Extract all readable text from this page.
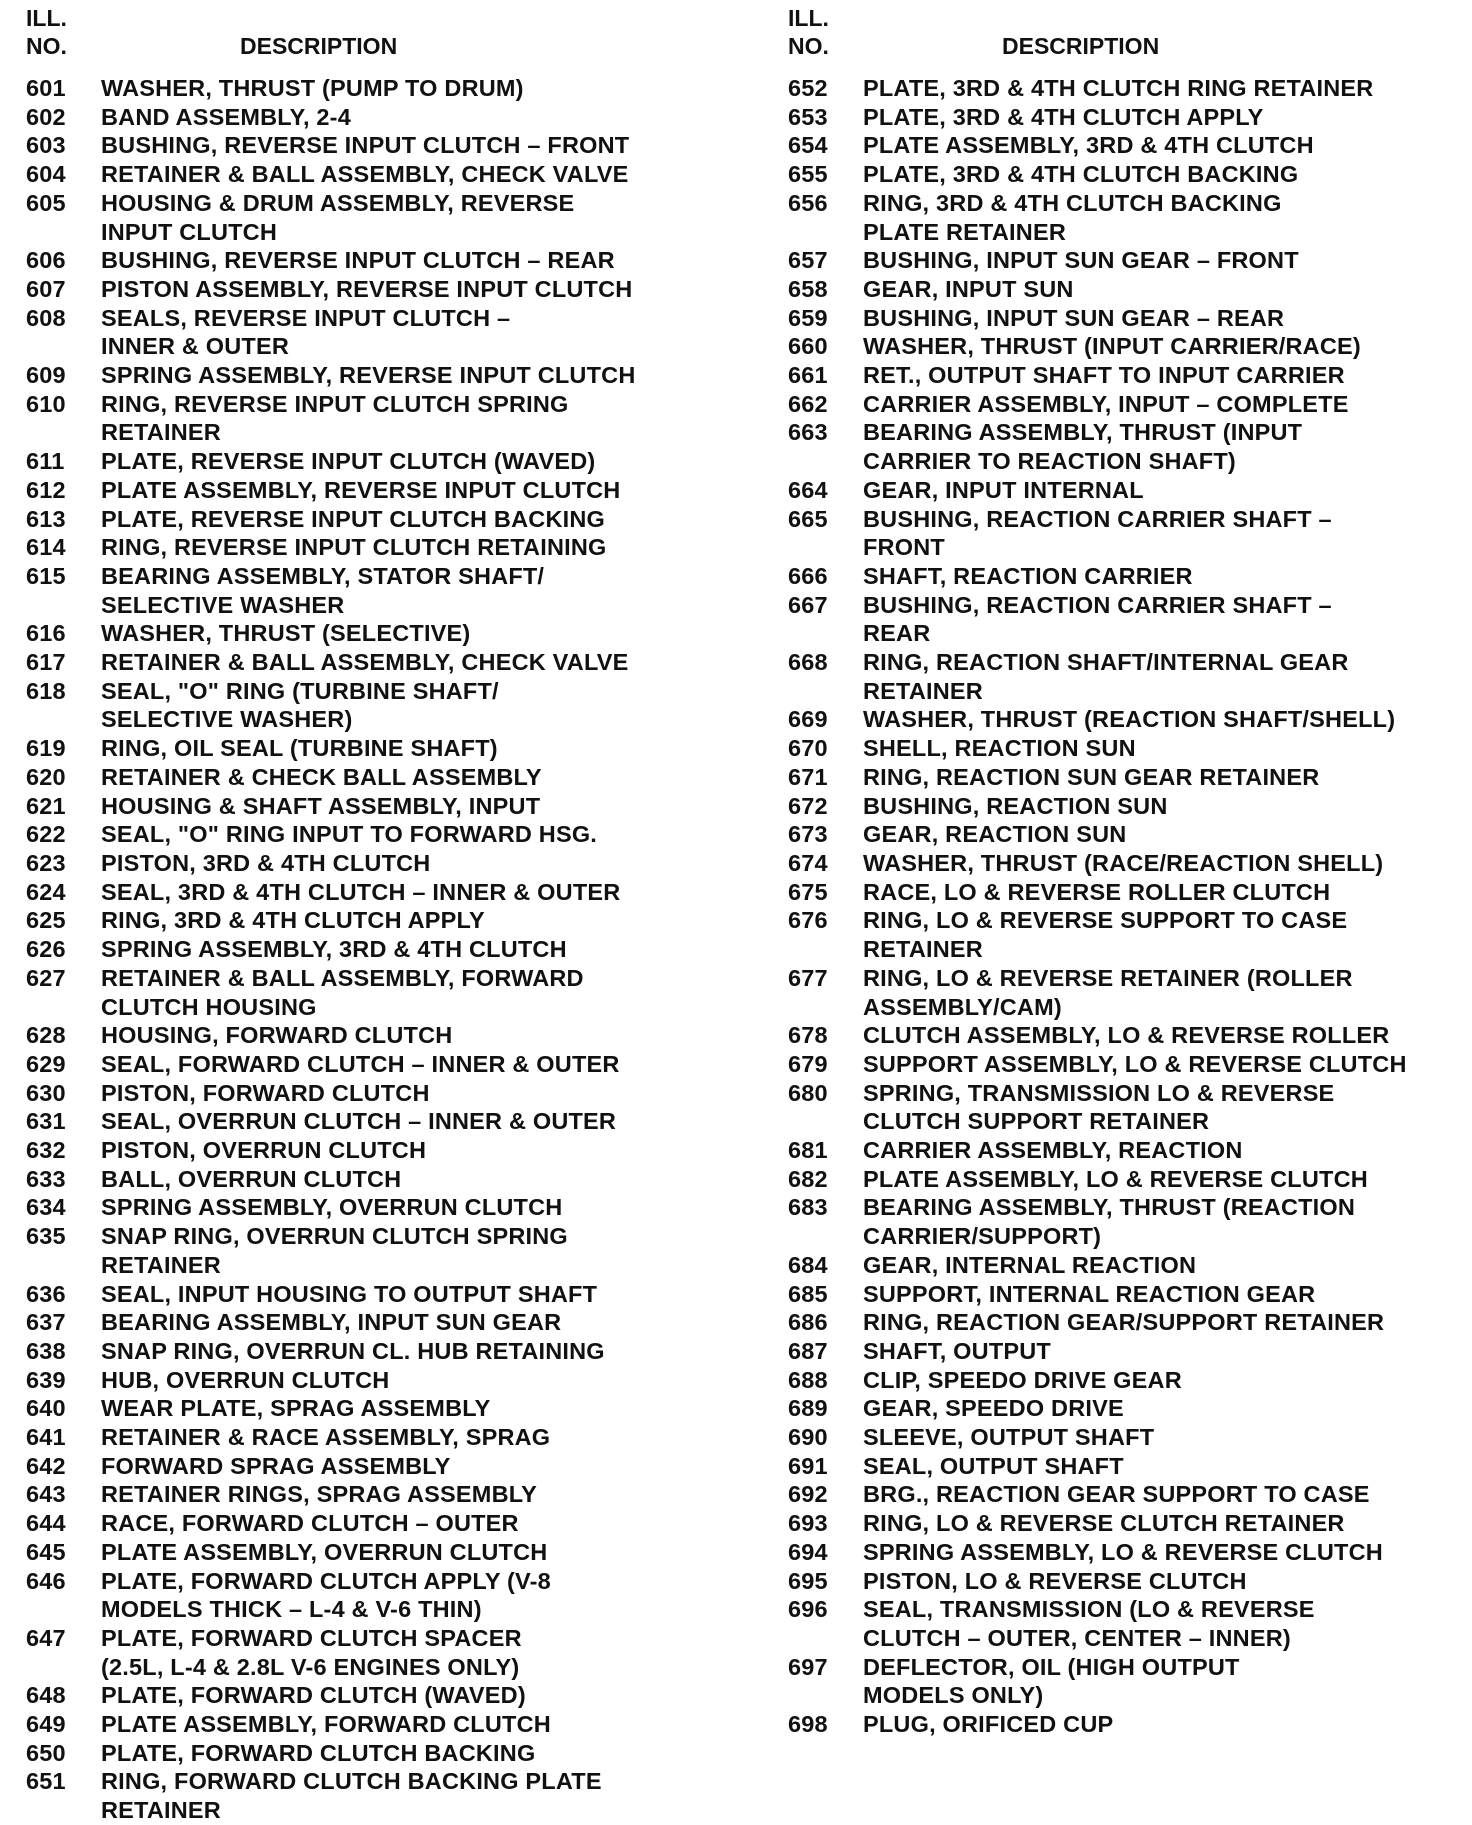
ILL.
NO.	DESCRIPTION
601	WASHER, THRUST (PUMP TO DRUM)
602	BAND ASSEMBLY, 2-4
603	BUSHING, REVERSE INPUT CLUTCH – FRONT
604	RETAINER & BALL ASSEMBLY, CHECK VALVE
605	HOUSING & DRUM ASSEMBLY, REVERSE
INPUT CLUTCH
606	BUSHING, REVERSE INPUT CLUTCH – REAR
607	PISTON ASSEMBLY, REVERSE INPUT CLUTCH
608	SEALS, REVERSE INPUT CLUTCH –
INNER & OUTER
609	SPRING ASSEMBLY, REVERSE INPUT CLUTCH
610	RING, REVERSE INPUT CLUTCH SPRING
RETAINER
611	PLATE, REVERSE INPUT CLUTCH (WAVED)
612	PLATE ASSEMBLY, REVERSE INPUT CLUTCH
613	PLATE, REVERSE INPUT CLUTCH BACKING
614	RING, REVERSE INPUT CLUTCH RETAINING
615	BEARING ASSEMBLY, STATOR SHAFT/
SELECTIVE WASHER
616	WASHER, THRUST (SELECTIVE)
617	RETAINER & BALL ASSEMBLY, CHECK VALVE
618	SEAL, "O" RING (TURBINE SHAFT/
SELECTIVE WASHER)
619	RING, OIL SEAL (TURBINE SHAFT)
620	RETAINER & CHECK BALL ASSEMBLY
621	HOUSING & SHAFT ASSEMBLY, INPUT
622	SEAL, "O" RING INPUT TO FORWARD HSG.
623	PISTON, 3RD & 4TH CLUTCH
624	SEAL, 3RD & 4TH CLUTCH – INNER & OUTER
625	RING, 3RD & 4TH CLUTCH APPLY
626	SPRING ASSEMBLY, 3RD & 4TH CLUTCH
627	RETAINER & BALL ASSEMBLY, FORWARD
CLUTCH HOUSING
628	HOUSING, FORWARD CLUTCH
629	SEAL, FORWARD CLUTCH – INNER & OUTER
630	PISTON, FORWARD CLUTCH
631	SEAL, OVERRUN CLUTCH – INNER & OUTER
632	PISTON, OVERRUN CLUTCH
633	BALL, OVERRUN CLUTCH
634	SPRING ASSEMBLY, OVERRUN CLUTCH
635	SNAP RING, OVERRUN CLUTCH SPRING
RETAINER
636	SEAL, INPUT HOUSING TO OUTPUT SHAFT
637	BEARING ASSEMBLY, INPUT SUN GEAR
638	SNAP RING, OVERRUN CL. HUB RETAINING
639	HUB, OVERRUN CLUTCH
640	WEAR PLATE, SPRAG ASSEMBLY
641	RETAINER & RACE ASSEMBLY, SPRAG
642	FORWARD SPRAG ASSEMBLY
643	RETAINER RINGS, SPRAG ASSEMBLY
644	RACE, FORWARD CLUTCH – OUTER
645	PLATE ASSEMBLY, OVERRUN CLUTCH
646	PLATE, FORWARD CLUTCH APPLY (V-8
MODELS THICK – L-4 & V-6 THIN)
647	PLATE, FORWARD CLUTCH SPACER
(2.5L, L-4 & 2.8L V-6 ENGINES ONLY)
648	PLATE, FORWARD CLUTCH (WAVED)
649	PLATE ASSEMBLY, FORWARD CLUTCH
650	PLATE, FORWARD CLUTCH BACKING
651	RING, FORWARD CLUTCH BACKING PLATE
RETAINER
ILL.
NO.	DESCRIPTION
652	PLATE, 3RD & 4TH CLUTCH RING RETAINER
653	PLATE, 3RD & 4TH CLUTCH APPLY
654	PLATE ASSEMBLY, 3RD & 4TH CLUTCH
655	PLATE, 3RD & 4TH CLUTCH BACKING
656	RING, 3RD & 4TH CLUTCH BACKING
PLATE RETAINER
657	BUSHING, INPUT SUN GEAR – FRONT
658	GEAR, INPUT SUN
659	BUSHING, INPUT SUN GEAR – REAR
660	WASHER, THRUST (INPUT CARRIER/RACE)
661	RET., OUTPUT SHAFT TO INPUT CARRIER
662	CARRIER ASSEMBLY, INPUT – COMPLETE
663	BEARING ASSEMBLY, THRUST (INPUT
CARRIER TO REACTION SHAFT)
664	GEAR, INPUT INTERNAL
665	BUSHING, REACTION CARRIER SHAFT –
FRONT
666	SHAFT, REACTION CARRIER
667	BUSHING, REACTION CARRIER SHAFT –
REAR
668	RING, REACTION SHAFT/INTERNAL GEAR
RETAINER
669	WASHER, THRUST (REACTION SHAFT/SHELL)
670	SHELL, REACTION SUN
671	RING, REACTION SUN GEAR RETAINER
672	BUSHING, REACTION SUN
673	GEAR, REACTION SUN
674	WASHER, THRUST (RACE/REACTION SHELL)
675	RACE, LO & REVERSE ROLLER CLUTCH
676	RING, LO & REVERSE SUPPORT TO CASE
RETAINER
677	RING, LO & REVERSE RETAINER (ROLLER
ASSEMBLY/CAM)
678	CLUTCH ASSEMBLY, LO & REVERSE ROLLER
679	SUPPORT ASSEMBLY, LO & REVERSE CLUTCH
680	SPRING, TRANSMISSION LO & REVERSE
CLUTCH SUPPORT RETAINER
681	CARRIER ASSEMBLY, REACTION
682	PLATE ASSEMBLY, LO & REVERSE CLUTCH
683	BEARING ASSEMBLY, THRUST (REACTION
CARRIER/SUPPORT)
684	GEAR, INTERNAL REACTION
685	SUPPORT, INTERNAL REACTION GEAR
686	RING, REACTION GEAR/SUPPORT RETAINER
687	SHAFT, OUTPUT
688	CLIP, SPEEDO DRIVE GEAR
689	GEAR, SPEEDO DRIVE
690	SLEEVE, OUTPUT SHAFT
691	SEAL, OUTPUT SHAFT
692	BRG., REACTION GEAR SUPPORT TO CASE
693	RING, LO & REVERSE CLUTCH RETAINER
694	SPRING ASSEMBLY, LO & REVERSE CLUTCH
695	PISTON, LO & REVERSE CLUTCH
696	SEAL, TRANSMISSION (LO & REVERSE
CLUTCH – OUTER, CENTER – INNER)
697	DEFLECTOR, OIL (HIGH OUTPUT
MODELS ONLY)
698	PLUG, ORIFICED CUP
